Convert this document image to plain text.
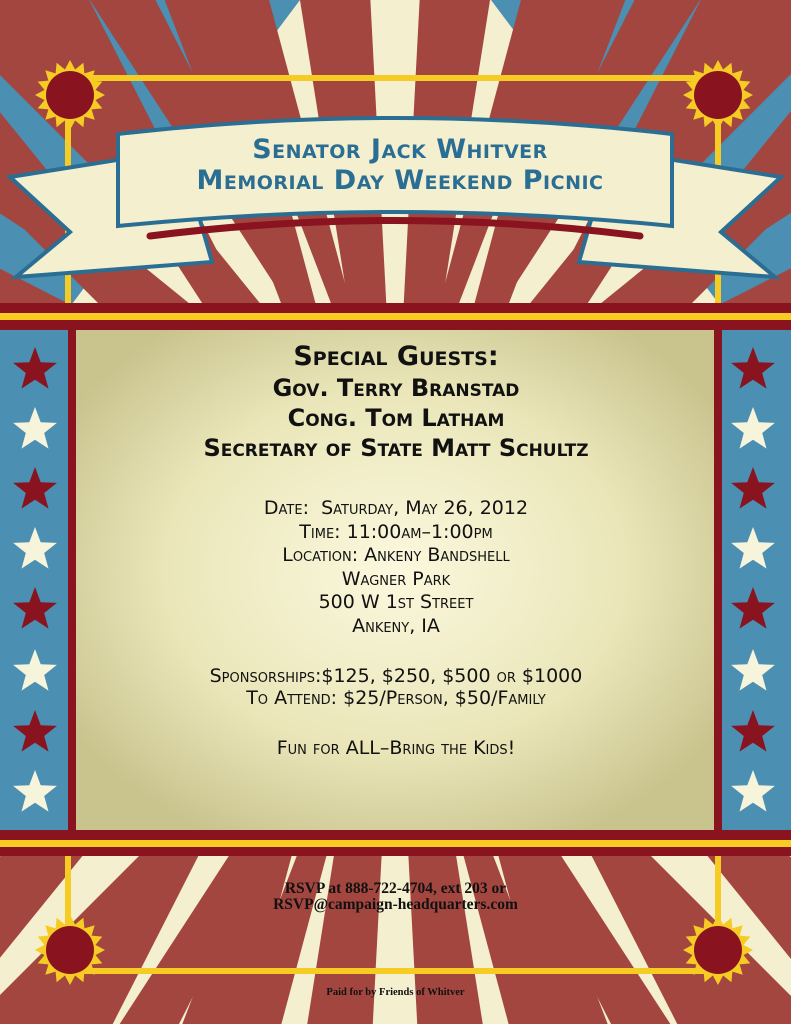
Senator Jack Whitver
Memorial Day Weekend Picnic
Special Guests:
Gov. Terry Branstad
Cong. Tom Latham
Secretary of State Matt Schultz
Date:  Saturday, May 26, 2012
Time: 11:00am–1:00pm
Location: Ankeny Bandshell
Wagner Park
500 W 1st Street
Ankeny, IA
Sponsorships:$125, $250, $500 or $1000
To Attend: $25/Person, $50/Family
Fun for ALL–Bring the Kids!
RSVP at 888-722-4704, ext 203 or
RSVP@campaign-headquarters.com
Paid for by Friends of Whitver
